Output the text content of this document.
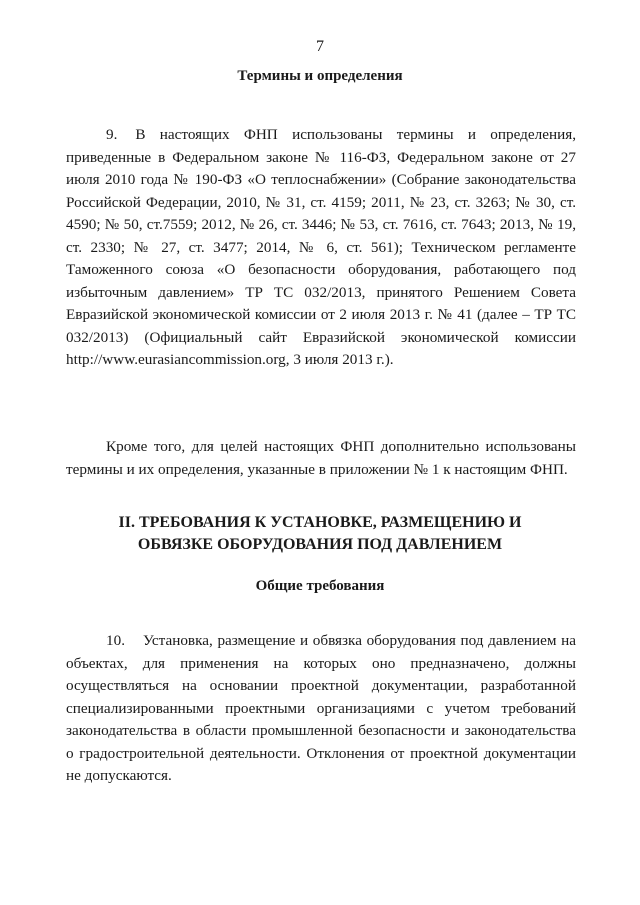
7
Термины и определения

9. В настоящих ФНП использованы термины и определения, приведенные в Федеральном законе № 116-ФЗ, Федеральном законе от 27 июля 2010 года № 190-ФЗ «О теплоснабжении» (Собрание законодательства Российской Федерации, 2010, № 31, ст. 4159; 2011, № 23, ст. 3263; № 30, ст. 4590; № 50, ст.7559; 2012, № 26, ст. 3446; № 53, ст. 7616, ст. 7643; 2013, № 19, ст. 2330; № 27, ст. 3477; 2014, № 6, ст. 561); Техническом регламенте Таможенного союза «О безопасности оборудования, работающего под избыточным давлением» ТР ТС 032/2013, принятого Решением Совета Евразийской экономической комиссии от 2 июля 2013 г. № 41 (далее – ТР ТС 032/2013) (Официальный сайт Евразийской экономической комиссии http://www.eurasiancommission.org, 3 июля 2013 г.).

Кроме того, для целей настоящих ФНП дополнительно использованы термины и их определения, указанные в приложении № 1 к настоящим ФНП.

II. ТРЕБОВАНИЯ К УСТАНОВКЕ, РАЗМЕЩЕНИЮ И
ОБВЯЗКЕ ОБОРУДОВАНИЯ ПОД ДАВЛЕНИЕМ
Общие требования

10. Установка, размещение и обвязка оборудования под давлением на объектах, для применения на которых оно предназначено, должны осуществляться на основании проектной документации, разработанной специализированными проектными организациями с учетом требований законодательства в области промышленной безопасности и законодательства о градостроительной деятельности. Отклонения от проектной документации не допускаются.
